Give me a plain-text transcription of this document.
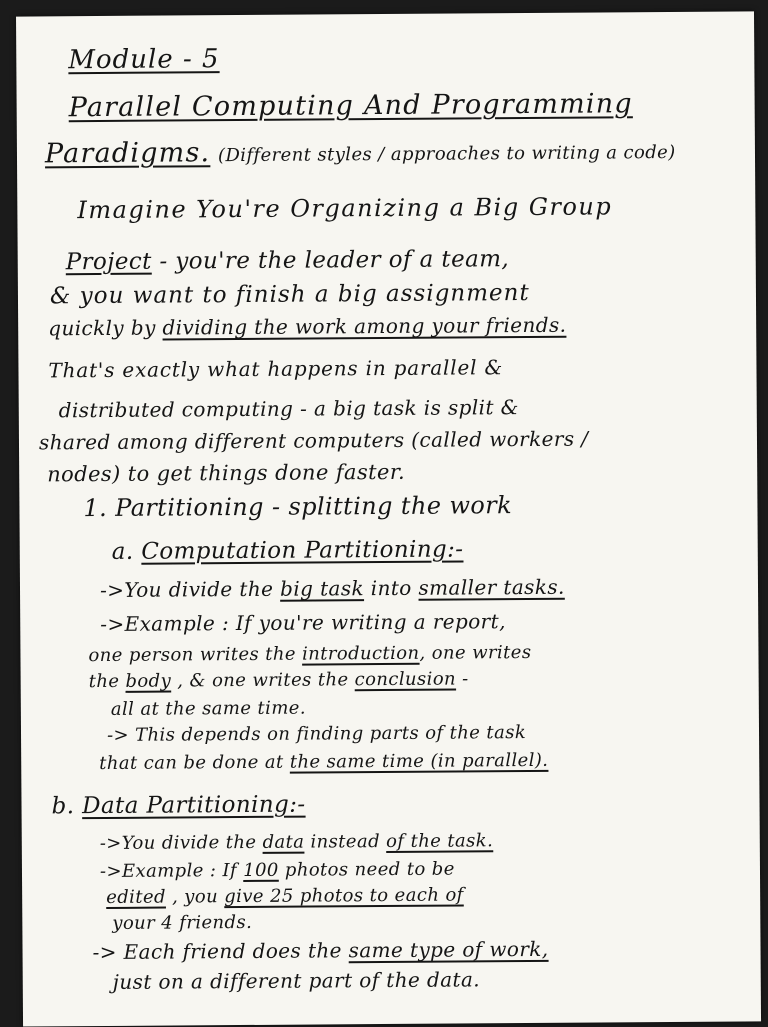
Module - 5
Parallel Computing And Programming
Paradigms. (Different styles / approaches to writing a code)
Imagine You're Organizing a Big Group
Project - you're the leader of a team,
& you want to finish a big assignment
quickly by dividing the work among your friends.
That's exactly what happens in parallel &
distributed computing - a big task is split &
shared among different computers (called workers /
nodes) to get things done faster.
1. Partitioning - splitting the work
a. Computation Partitioning:-
->You divide the big task into smaller tasks.
->Example : If you're writing a report,
one person writes the introduction, one writes
the body , & one writes the conclusion -
all at the same time.
-> This depends on finding parts of the task
that can be done at the same time (in parallel).
b. Data Partitioning:-
->You divide the data instead of the task.
->Example : If 100 photos need to be
edited , you give 25 photos to each of
your 4 friends.
-> Each friend does the same type of work,
just on a different part of the data.
